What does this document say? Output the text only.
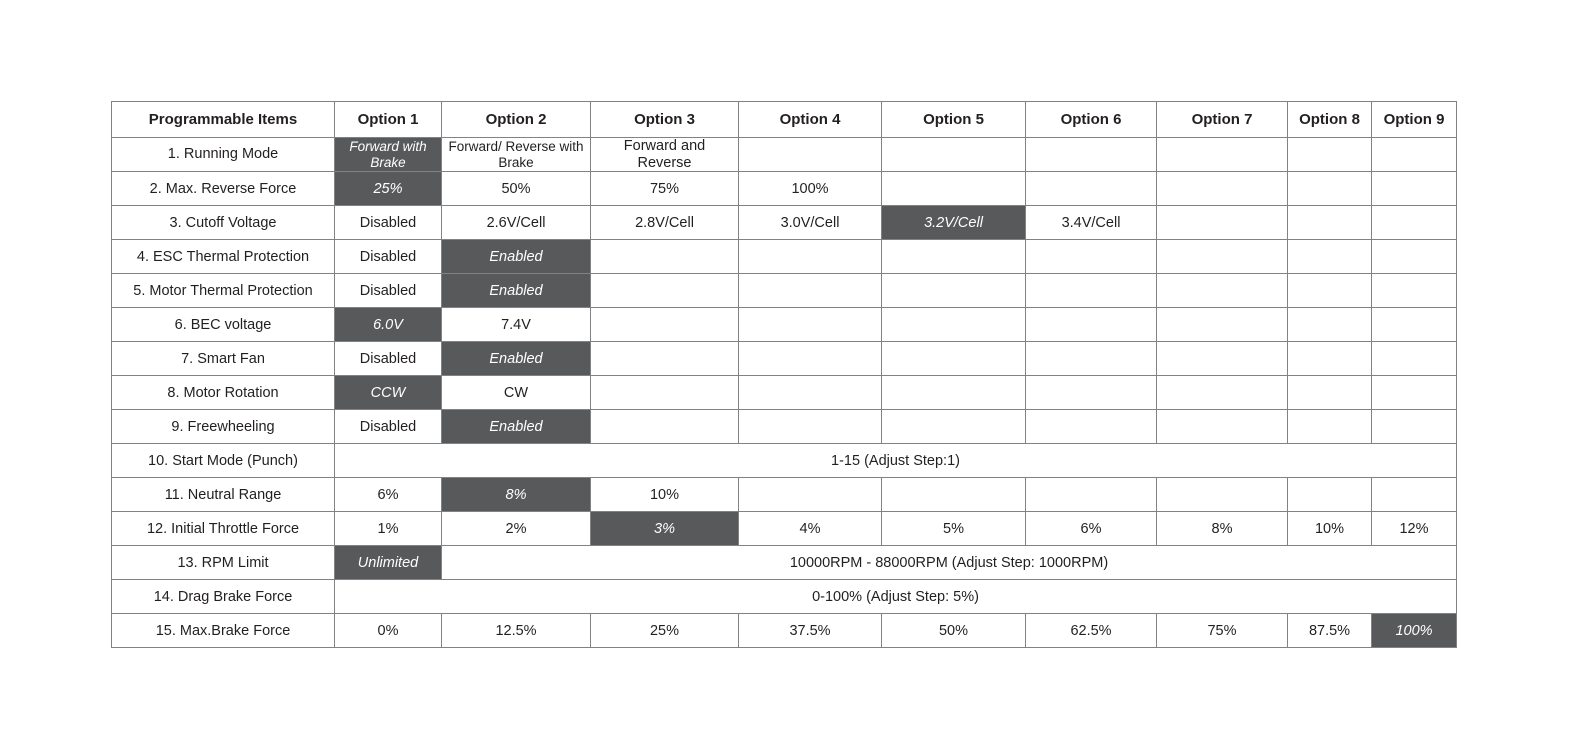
Programmable Items	Option 1	Option 2	Option 3	Option 4	Option 5	Option 6	Option 7	Option 8	Option 9
1. Running Mode	Forward with Brake	Forward/ Reverse with Brake	Forward and Reverse						
2. Max. Reverse Force	25%	50%	75%	100%					
3. Cutoff Voltage	Disabled	2.6V/Cell	2.8V/Cell	3.0V/Cell	3.2V/Cell	3.4V/Cell			
4. ESC Thermal Protection	Disabled	Enabled							
5. Motor Thermal Protection	Disabled	Enabled							
6. BEC voltage	6.0V	7.4V							
7. Smart Fan	Disabled	Enabled							
8. Motor Rotation	CCW	CW							
9. Freewheeling	Disabled	Enabled							
10. Start Mode (Punch)	1-15 (Adjust Step:1)								
11. Neutral Range	6%	8%	10%						
12. Initial Throttle Force	1%	2%	3%	4%	5%	6%	8%	10%	12%
13. RPM Limit	Unlimited	10000RPM - 88000RPM (Adjust Step: 1000RPM)							
14. Drag Brake Force	0-100% (Adjust Step: 5%)								
15. Max.Brake Force	0%	12.5%	25%	37.5%	50%	62.5%	75%	87.5%	100%
